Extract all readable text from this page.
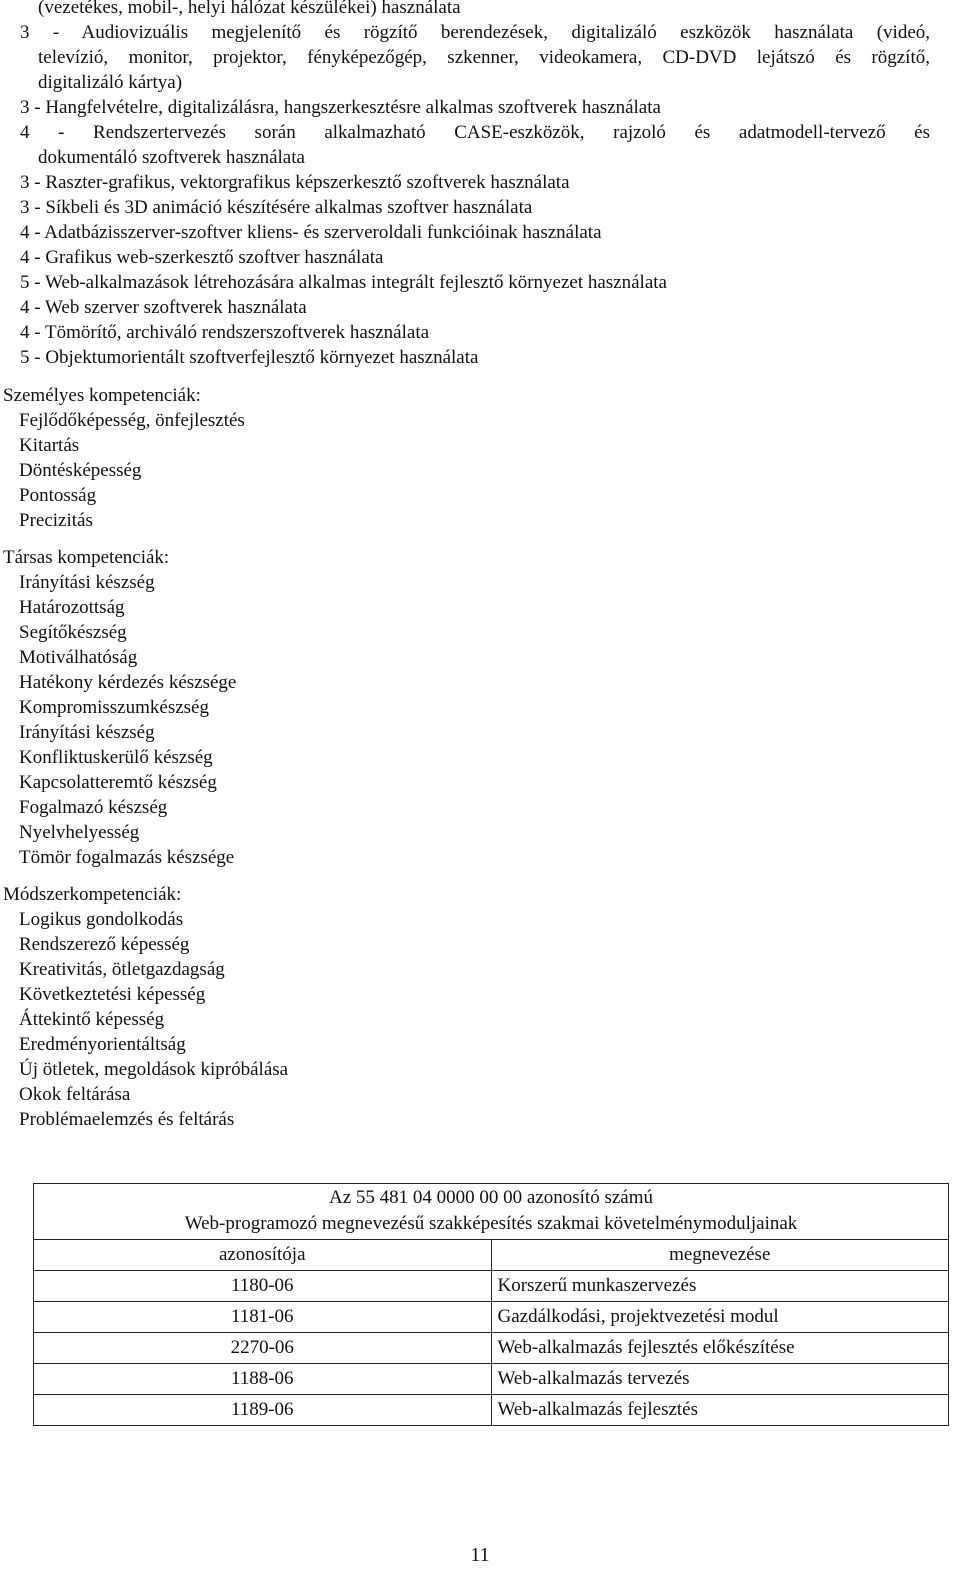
(vezetékes, mobil-, helyi hálózat készülékei) használata
3 - Audiovizuális megjelenítő és rögzítő berendezések, digitalizáló eszközök használata (videó,
televízió, monitor, projektor, fényképezőgép, szkenner, videokamera, CD-DVD lejátszó és rögzítő,
digitalizáló kártya)
3 - Hangfelvételre, digitalizálásra, hangszerkesztésre alkalmas szoftverek használata
4 - Rendszertervezés során alkalmazható CASE-eszközök, rajzoló és adatmodell-tervező és
dokumentáló szoftverek használata
3 - Raszter-grafikus, vektorgrafikus képszerkesztő szoftverek használata
3 - Síkbeli és 3D animáció készítésére alkalmas szoftver használata
4 - Adatbázisszerver-szoftver kliens- és szerveroldali funkcióinak használata
4 - Grafikus web-szerkesztő szoftver használata
5 - Web-alkalmazások létrehozására alkalmas integrált fejlesztő környezet használata
4 - Web szerver szoftverek használata
4 - Tömörítő, archiváló rendszerszoftverek használata
5 - Objektumorientált szoftverfejlesztő környezet használata
Személyes kompetenciák:
Fejlődőképesség, önfejlesztés
Kitartás
Döntésképesség
Pontosság
Precizitás
Társas kompetenciák:
Irányítási készség
Határozottság
Segítőkészség
Motiválhatóság
Hatékony kérdezés készsége
Kompromisszumkészség
Irányítási készség
Konfliktuskerülő készség
Kapcsolatteremtő készség
Fogalmazó készség
Nyelvhelyesség
Tömör fogalmazás készsége
Módszerkompetenciák:
Logikus gondolkodás
Rendszerező képesség
Kreativitás, ötletgazdagság
Következtetési képesség
Áttekintő képesség
Eredményorientáltság
Új ötletek, megoldások kipróbálása
Okok feltárása
Problémaelemzés és feltárás
Az 55 481 04 0000 00 00 azonosító számú
Web-programozó megnevezésű szakképesítés szakmai követelménymoduljainak	

azonosítója	megnevezése
1180-06	Korszerű munkaszervezés
1181-06	Gazdálkodási, projektvezetési modul
2270-06	Web-alkalmazás fejlesztés előkészítése
1188-06	Web-alkalmazás tervezés
1189-06	Web-alkalmazás fejlesztés
11
